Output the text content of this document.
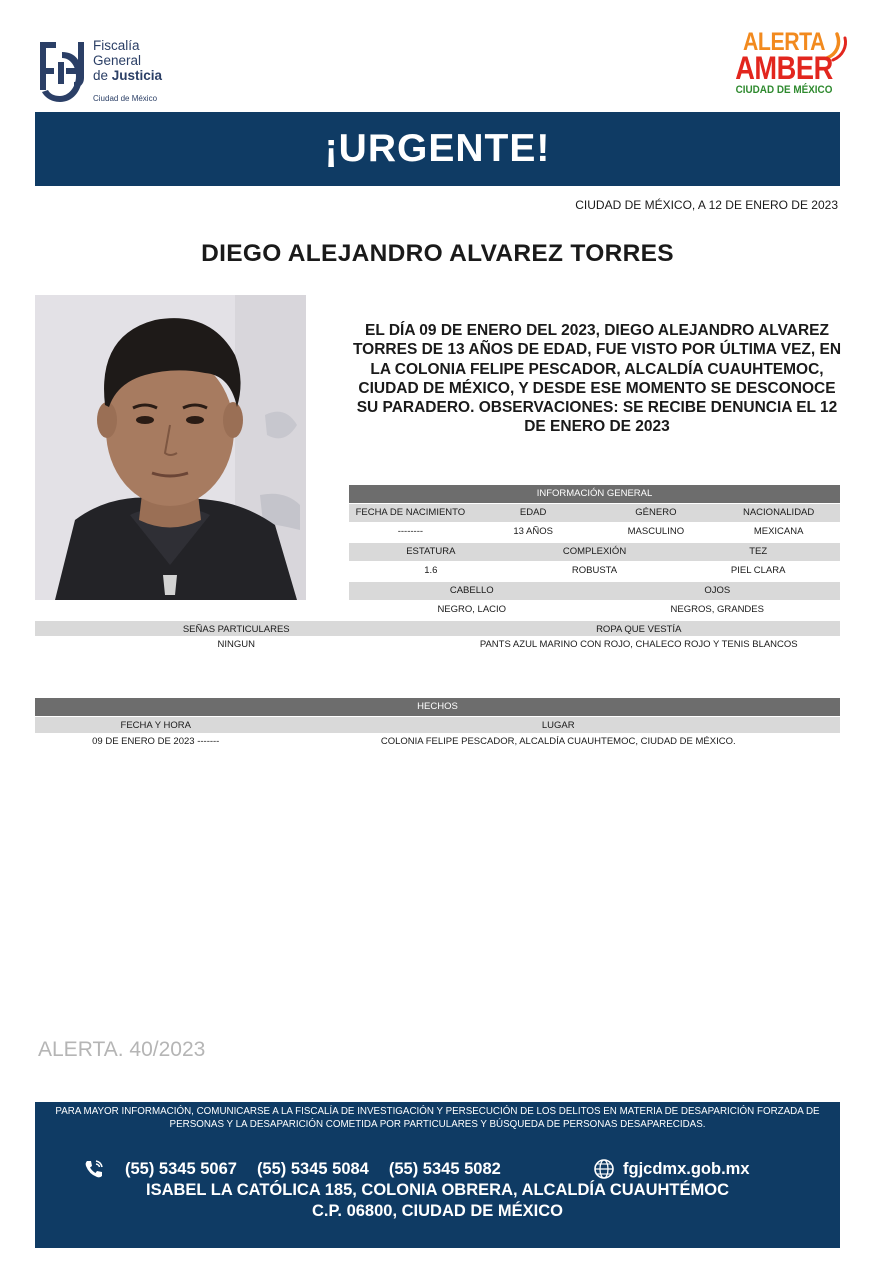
Fiscalía
General
de Justicia
Ciudad de México
ALERTA
AMBER
CIUDAD DE MÉXICO
¡URGENTE!
CIUDAD DE MÉXICO, A 12 DE ENERO DE 2023
DIEGO ALEJANDRO ALVAREZ TORRES
EL DÍA 09 DE ENERO DEL 2023, DIEGO ALEJANDRO ALVAREZ TORRES DE 13 AÑOS DE EDAD, FUE VISTO POR ÚLTIMA VEZ, EN LA COLONIA FELIPE PESCADOR, ALCALDÍA CUAUHTEMOC, CIUDAD DE MÉXICO, Y DESDE ESE MOMENTO SE DESCONOCE SU PARADERO. OBSERVACIONES: SE RECIBE DENUNCIA EL 12 DE ENERO DE 2023
INFORMACIÓN GENERAL
FECHA DE NACIMIENTO	EDAD	GÉNERO	NACIONALIDAD
--------	13 AÑOS	MASCULINO	MEXICANA
ESTATURA	COMPLEXIÓN	TEZ
1.6	ROBUSTA	PIEL CLARA
CABELLO	OJOS
NEGRO, LACIO	NEGROS, GRANDES
SEÑAS PARTICULARES	ROPA QUE VESTÍA
NINGUN	PANTS AZUL MARINO CON ROJO, CHALECO ROJO Y TENIS BLANCOS
HECHOS
FECHA Y HORA	LUGAR
09 DE ENERO DE 2023 -------	COLONIA FELIPE PESCADOR, ALCALDÍA CUAUHTEMOC, CIUDAD DE MÉXICO.
ALERTA. 40/2023
PARA MAYOR INFORMACIÓN, COMUNICARSE A LA FISCALÍA DE INVESTIGACIÓN Y PERSECUCIÓN DE LOS DELITOS EN MATERIA DE DESAPARICIÓN FORZADA DE PERSONAS Y LA DESAPARICIÓN COMETIDA POR PARTICULARES Y BÚSQUEDA DE PERSONAS DESAPARECIDAS.
(55) 5345 5067 (55) 5345 5084 (55) 5345 5082	fgjcdmx.gob.mx
ISABEL LA CATÓLICA 185, COLONIA OBRERA, ALCALDÍA CUAUHTÉMOC
C.P. 06800, CIUDAD DE MÉXICO
